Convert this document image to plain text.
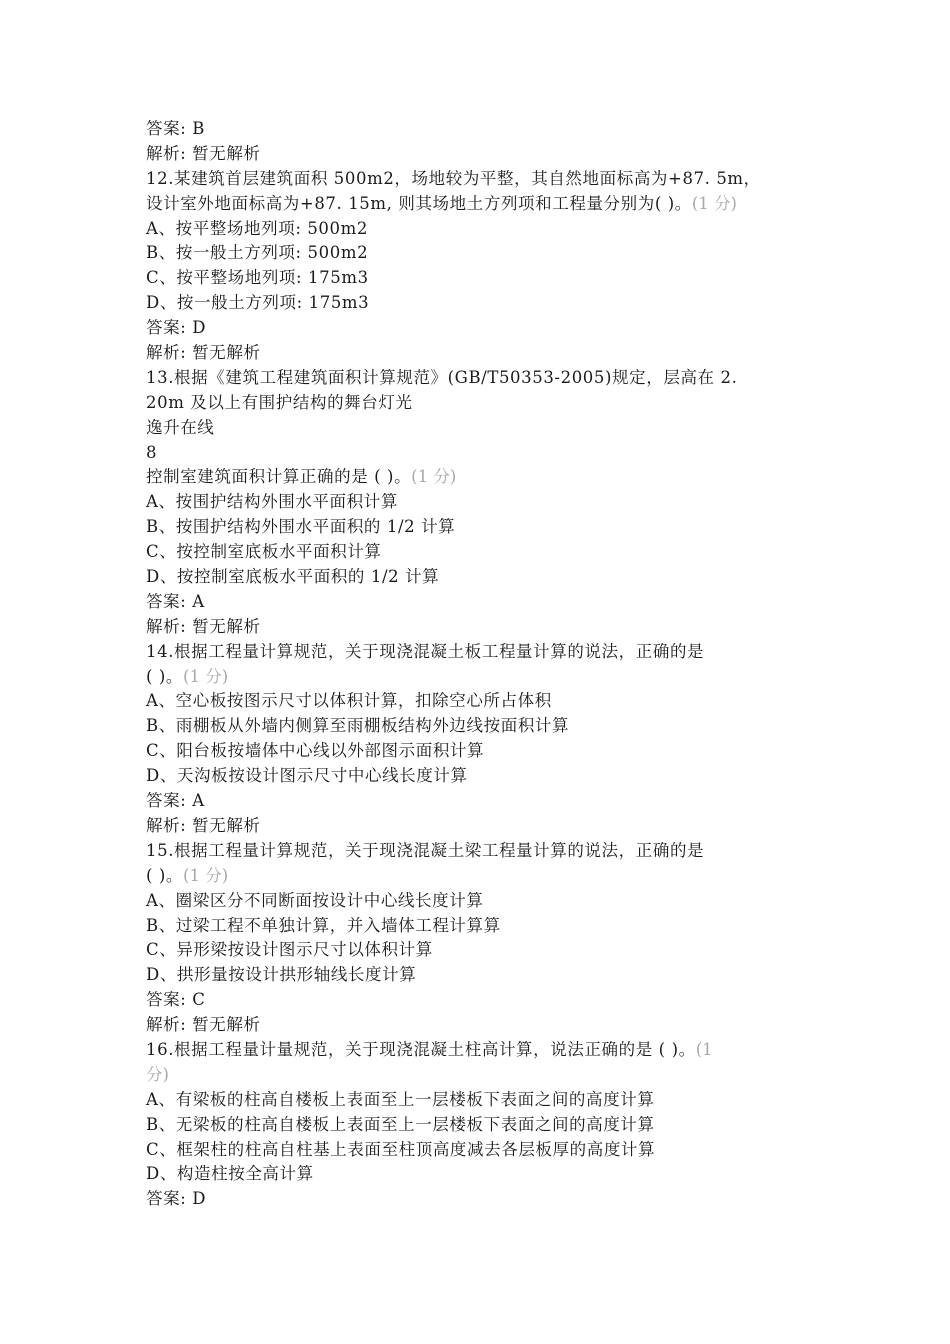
答案: B
解析: 暂无解析
12.某建筑首层建筑面积 500m2，场地较为平整，其自然地面标高为+87. 5m，
设计室外地面标高为+87. 15m, 则其场地土方列项和工程量分别为( )。(1 分)
A、按平整场地列项: 500m2
B、按一般土方列项: 500m2
C、按平整场地列项: 175m3
D、按一般土方列项: 175m3
答案: D
解析: 暂无解析
13.根据《建筑工程建筑面积计算规范》(GB/T50353-2005)规定，层高在 2.
20m 及以上有围护结构的舞台灯光
逸升在线
8
控制室建筑面积计算正确的是 ( )。(1 分)
A、按围护结构外围水平面积计算
B、按围护结构外围水平面积的 1/2 计算
C、按控制室底板水平面积计算
D、按控制室底板水平面积的 1/2 计算
答案: A
解析: 暂无解析
14.根据工程量计算规范，关于现浇混凝土板工程量计算的说法，正确的是
( )。(1 分)
A、空心板按图示尺寸以体积计算，扣除空心所占体积
B、雨棚板从外墙内侧算至雨棚板结构外边线按面积计算
C、阳台板按墙体中心线以外部图示面积计算
D、天沟板按设计图示尺寸中心线长度计算
答案: A
解析: 暂无解析
15.根据工程量计算规范，关于现浇混凝土梁工程量计算的说法，正确的是
( )。(1 分)
A、圈梁区分不同断面按设计中心线长度计算
B、过梁工程不单独计算，并入墙体工程计算算
C、异形梁按设计图示尺寸以体积计算
D、拱形量按设计拱形轴线长度计算
答案: C
解析: 暂无解析
16.根据工程量计量规范，关于现浇混凝土柱高计算，说法正确的是 ( )。(1
分)
A、有梁板的柱高自楼板上表面至上一层楼板下表面之间的高度计算
B、无梁板的柱高自楼板上表面至上一层楼板下表面之间的高度计算
C、框架柱的柱高自柱基上表面至柱顶高度减去各层板厚的高度计算
D、构造柱按全高计算
答案: D
